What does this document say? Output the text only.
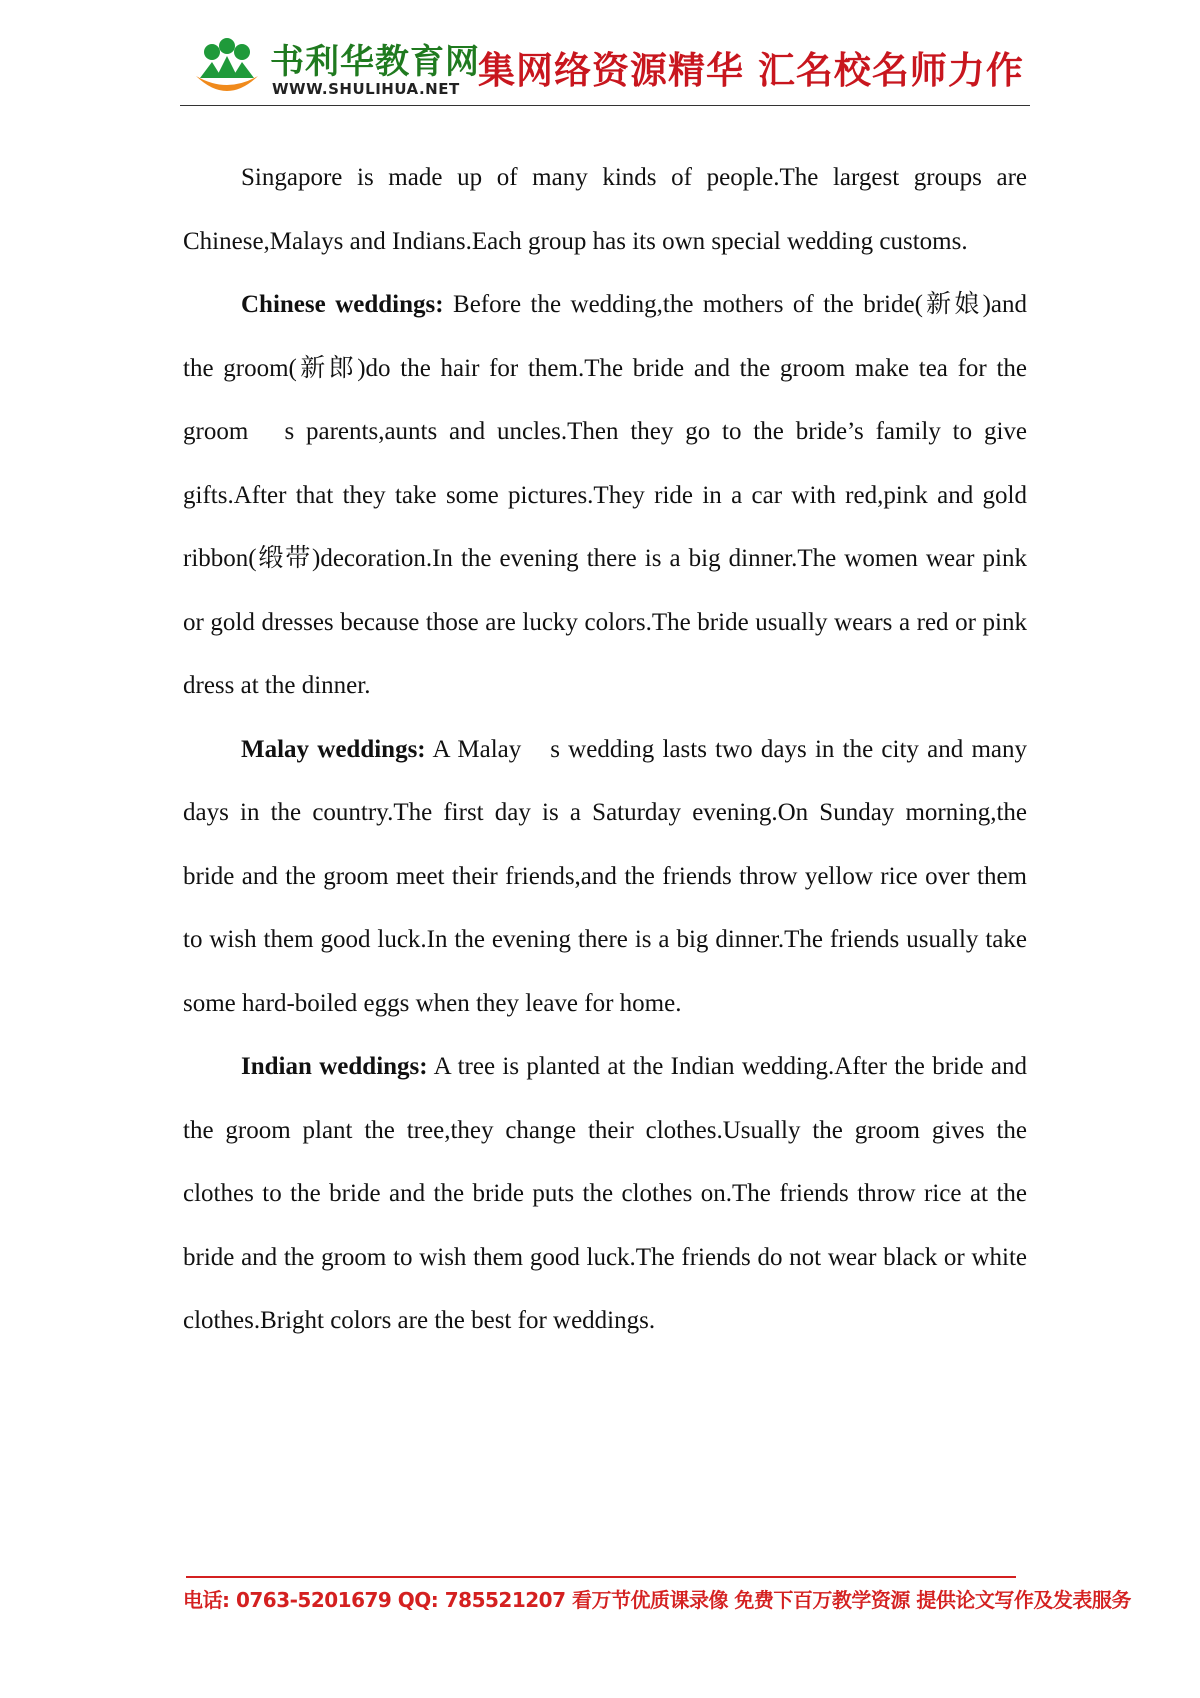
书利华教育网
WWW.SHULIHUA.NET 集网络资源精华 汇名校名师力作

Singapore is made up of many kinds of people.The largest groups are Chinese,Malays and Indians.Each group has its own special wedding customs.

Chinese weddings: Before the wedding,the mothers of the bride(新娘)and the groom(新郎)do the hair for them.The bride and the groom make tea for the groom　s parents,aunts and uncles.Then they go to the bride’s family to give gifts.After that they take some pictures.They ride in a car with red,pink and gold ribbon(缎带)decoration.In the evening there is a big dinner.The women wear pink or gold dresses because those are lucky colors.The bride usually wears a red or pink dress at the dinner.

Malay weddings: A Malay　s wedding lasts two days in the city and many days in the country.The first day is a Saturday evening.On Sunday morning,the bride and the groom meet their friends,and the friends throw yellow rice over them to wish them good luck.In the evening there is a big dinner.The friends usually take some hard-boiled eggs when they leave for home.

Indian weddings: A tree is planted at the Indian wedding.After the bride and the groom plant the tree,they change their clothes.Usually the groom gives the clothes to the bride and the bride puts the clothes on.The friends throw rice at the bride and the groom to wish them good luck.The friends do not wear black or white clothes.Bright colors are the best for weddings.

电话: 0763-5201679 QQ: 785521207 看万节优质课录像 免费下百万教学资源 提供论文写作及发表服务
